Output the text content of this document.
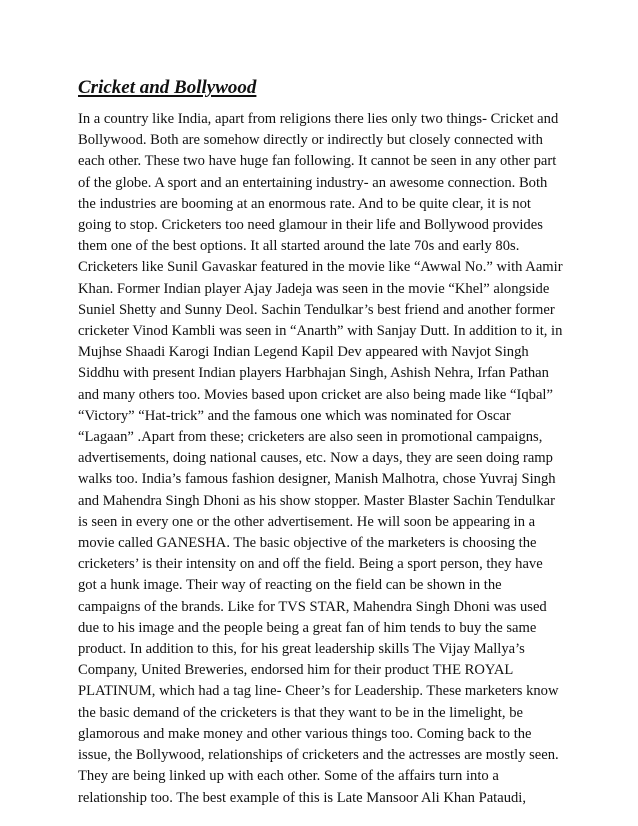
Cricket and Bollywood
In a country like India, apart from religions there lies only two things- Cricket and
Bollywood. Both are somehow directly or indirectly but closely connected with
each other. These two have huge fan following. It cannot be seen in any other part
of the globe. A sport and an entertaining industry- an awesome connection. Both
the industries are booming at an enormous rate. And to be quite clear, it is not
going to stop. Cricketers too need glamour in their life and Bollywood provides
them one of the best options. It all started around the late 70s and early 80s.
Cricketers like Sunil Gavaskar featured in the movie like “Awwal No.” with Aamir
Khan. Former Indian player Ajay Jadeja was seen in the movie “Khel” alongside
Suniel Shetty and Sunny Deol. Sachin Tendulkar’s best friend and another former
cricketer Vinod Kambli was seen in “Anarth” with Sanjay Dutt. In addition to it, in
Mujhse Shaadi Karogi Indian Legend Kapil Dev appeared with Navjot Singh
Siddhu with present Indian players Harbhajan Singh, Ashish Nehra, Irfan Pathan
and many others too. Movies based upon cricket are also being made like “Iqbal”
“Victory” “Hat-trick” and the famous one which was nominated for Oscar
“Lagaan” .Apart from these; cricketers are also seen in promotional campaigns,
advertisements, doing national causes, etc. Now a days, they are seen doing ramp
walks too. India’s famous fashion designer, Manish Malhotra, chose Yuvraj Singh
and Mahendra Singh Dhoni as his show stopper. Master Blaster Sachin Tendulkar
is seen in every one or the other advertisement. He will soon be appearing in a
movie called GANESHA. The basic objective of the marketers is choosing the
cricketers’ is their intensity on and off the field. Being a sport person, they have
got a hunk image. Their way of reacting on the field can be shown in the
campaigns of the brands. Like for TVS STAR, Mahendra Singh Dhoni was used
due to his image and the people being a great fan of him tends to buy the same
product. In addition to this, for his great leadership skills The Vijay Mallya’s
Company, United Breweries, endorsed him for their product THE ROYAL
PLATINUM, which had a tag line- Cheer’s for Leadership. These marketers know
the basic demand of the cricketers is that they want to be in the limelight, be
glamorous and make money and other various things too. Coming back to the
issue, the Bollywood, relationships of cricketers and the actresses are mostly seen.
They are being linked up with each other. Some of the affairs turn into a
relationship too. The best example of this is Late Mansoor Ali Khan Pataudi,
